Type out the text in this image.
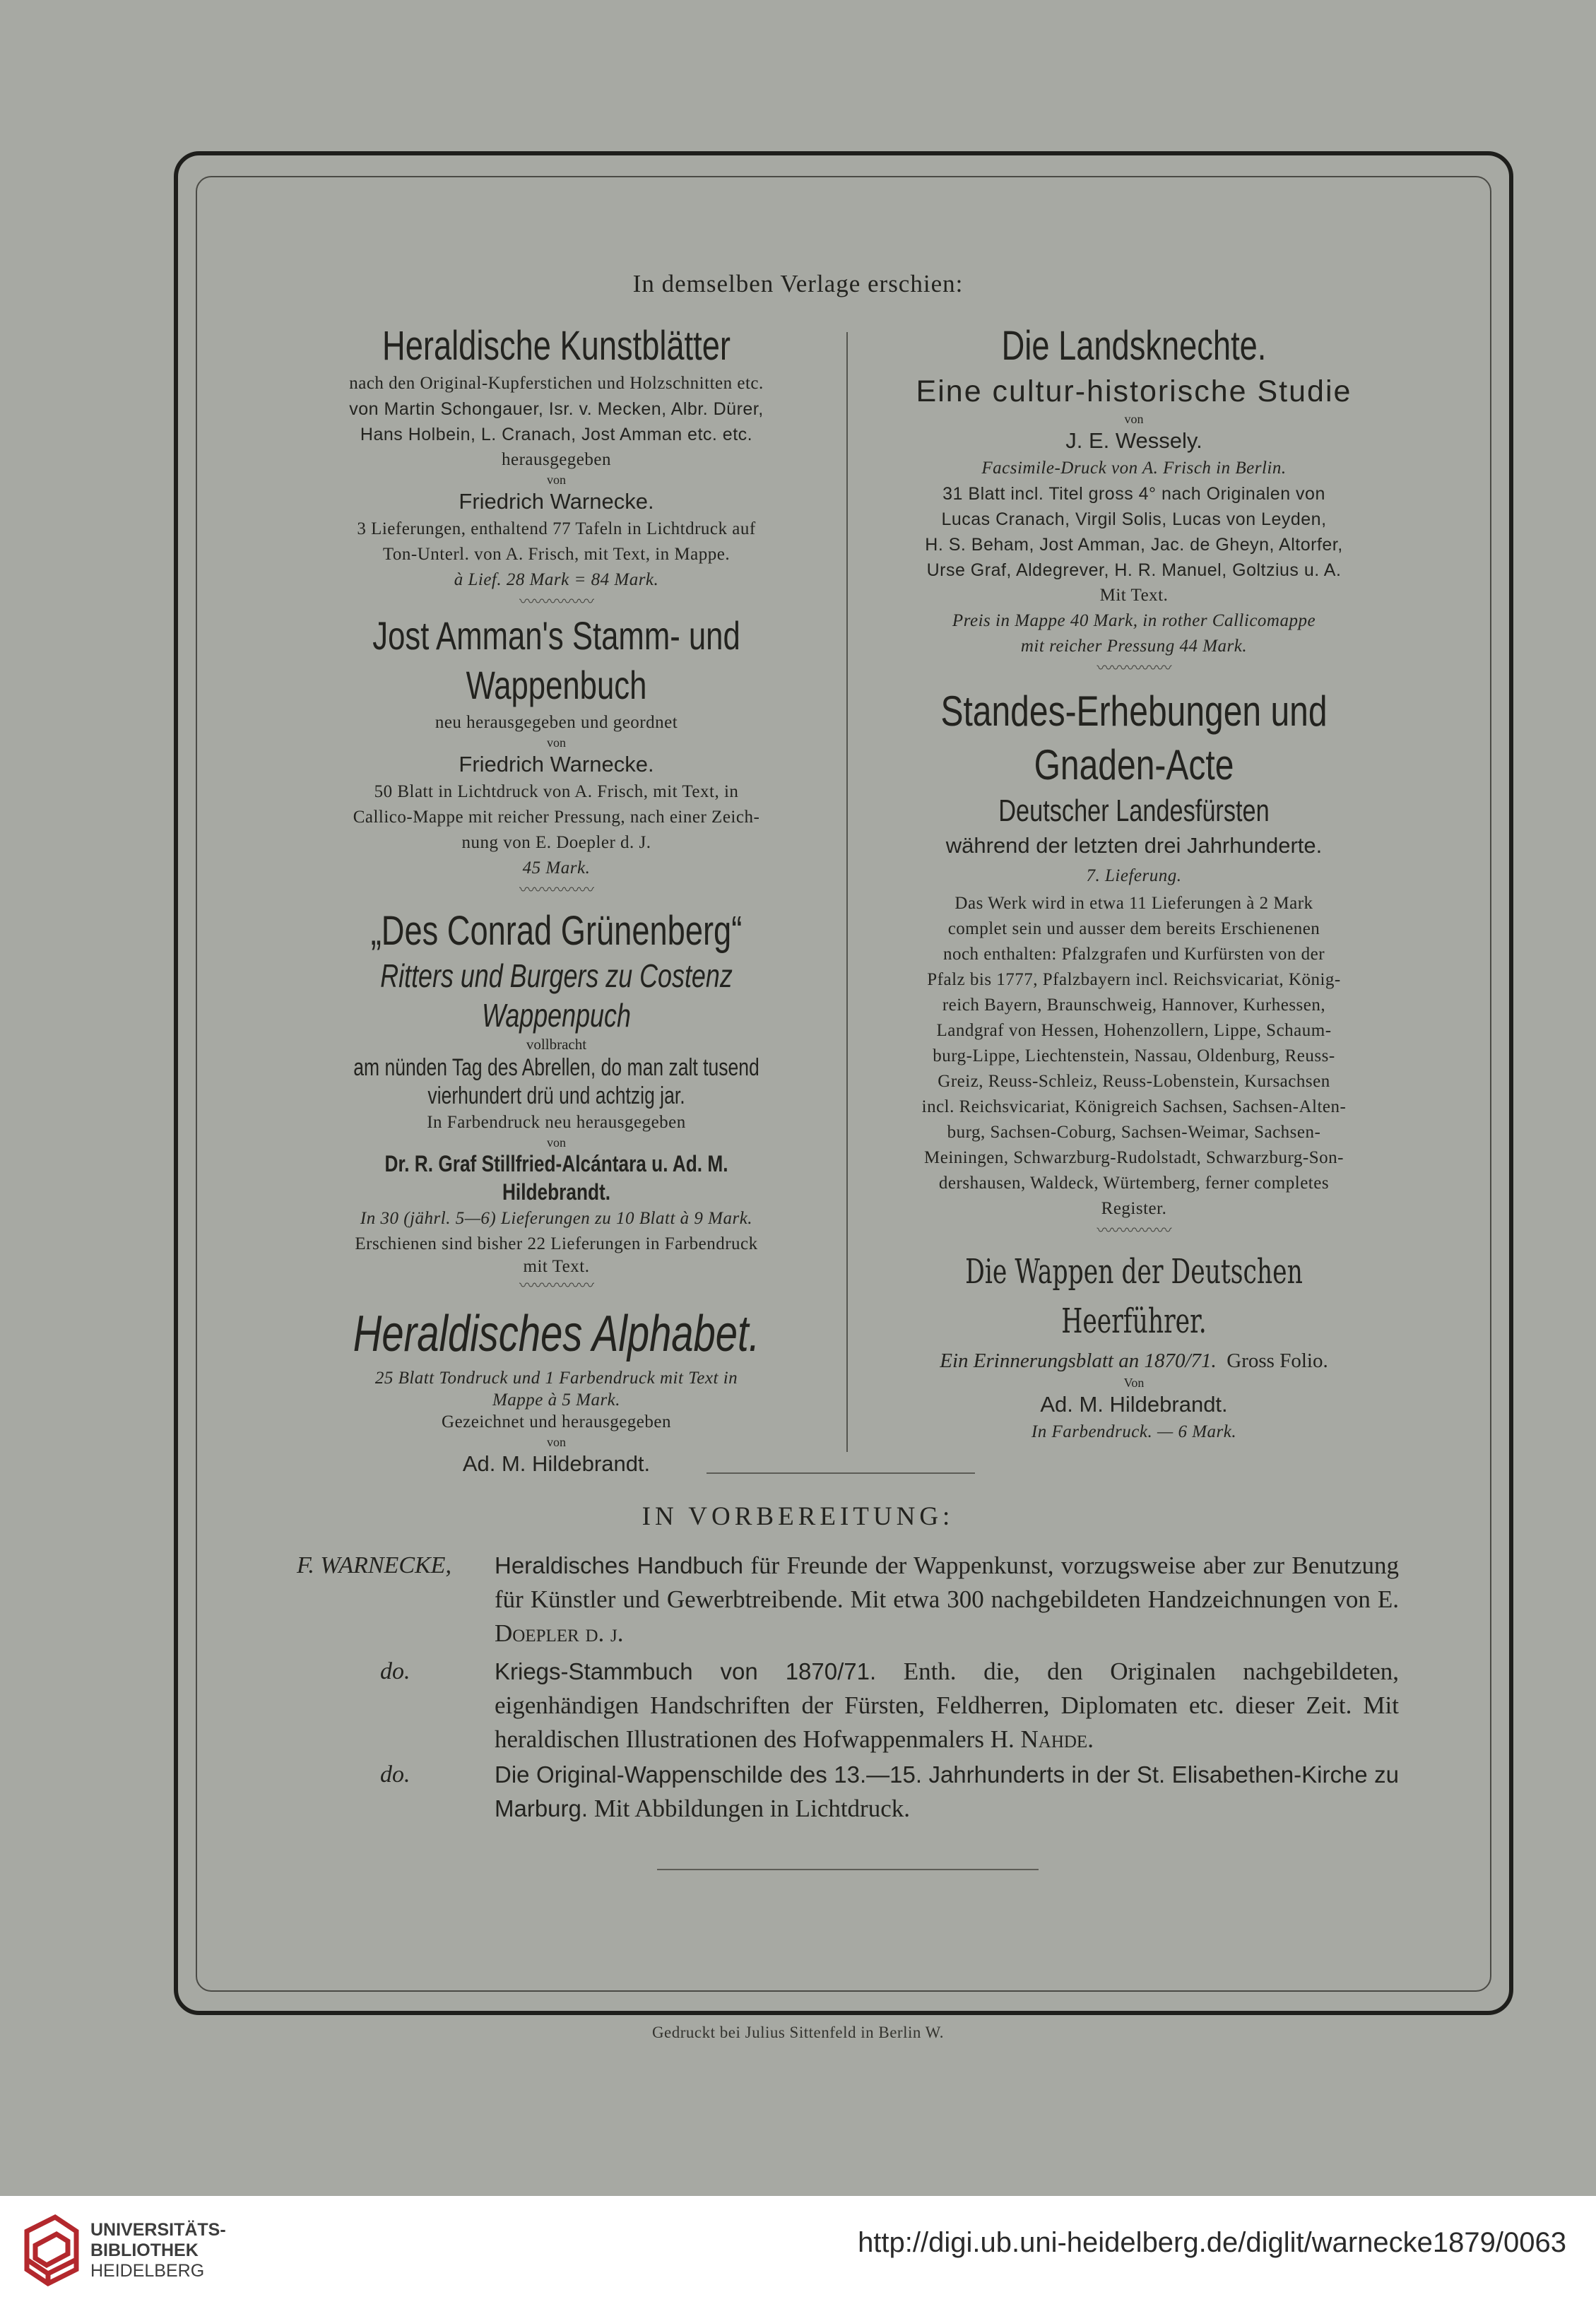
In demselben Verlage erschien:
Heraldische Kunstblätter
nach den Original-Kupferstichen und Holzschnitten etc.
von Martin Schongauer, Isr. v. Mecken, Albr. Dürer,
Hans Holbein, L. Cranach, Jost Amman etc. etc.
herausgegeben
von
Friedrich Warnecke.
3 Lieferungen, enthaltend 77 Tafeln in Lichtdruck auf
Ton-Unterl. von A. Frisch, mit Text, in Mappe.
à Lief. 28 Mark = 84 Mark.
〰〰〰〰〰
Jost Amman's Stamm- und Wappenbuch
neu herausgegeben und geordnet
von
Friedrich Warnecke.
50 Blatt in Lichtdruck von A. Frisch, mit Text, in
Callico-Mappe mit reicher Pressung, nach einer Zeich-
nung von E. Doepler d. J.
45 Mark.
〰〰〰〰〰
„Des Conrad Grünenberg“
Ritters und Burgers zu Costenz Wappenpuch
vollbracht
am nünden Tag des Abrellen, do man zalt tusend
vierhundert drü und achtzig jar.
In Farbendruck neu herausgegeben
von
Dr. R. Graf Stillfried-Alcántara u. Ad. M. Hildebrandt.
In 30 (jährl. 5—6) Lieferungen zu 10 Blatt à 9 Mark.
Erschienen sind bisher 22 Lieferungen in Farbendruck
mit Text.
〰〰〰〰〰
Heraldisches Alphabet.
25 Blatt Tondruck und 1 Farbendruck mit Text in
Mappe à 5 Mark.
Gezeichnet und herausgegeben
von
Ad. M. Hildebrandt.
Die Landsknechte.
Eine cultur-historische Studie
von
J. E. Wessely.
Facsimile-Druck von A. Frisch in Berlin.
31 Blatt incl. Titel gross 4° nach Originalen von
Lucas Cranach, Virgil Solis, Lucas von Leyden,
H. S. Beham, Jost Amman, Jac. de Gheyn, Altorfer,
Urse Graf, Aldegrever, H. R. Manuel, Goltzius u. A.
Mit Text.
Preis in Mappe 40 Mark, in rother Callicomappe
mit reicher Pressung 44 Mark.
〰〰〰〰〰
Standes-Erhebungen und Gnaden-Acte
Deutscher Landesfürsten
während der letzten drei Jahrhunderte.
7. Lieferung.
Das Werk wird in etwa 11 Lieferungen à 2 Mark
complet sein und ausser dem bereits Erschienenen
noch enthalten: Pfalzgrafen und Kurfürsten von der
Pfalz bis 1777, Pfalzbayern incl. Reichsvicariat, König-
reich Bayern, Braunschweig, Hannover, Kurhessen,
Landgraf von Hessen, Hohenzollern, Lippe, Schaum-
burg-Lippe, Liechtenstein, Nassau, Oldenburg, Reuss-
Greiz, Reuss-Schleiz, Reuss-Lobenstein, Kursachsen
incl. Reichsvicariat, Königreich Sachsen, Sachsen-Alten-
burg, Sachsen-Coburg, Sachsen-Weimar, Sachsen-
Meiningen, Schwarzburg-Rudolstadt, Schwarzburg-Son-
dershausen, Waldeck, Würtemberg, ferner completes
Register.
〰〰〰〰〰
Die Wappen der Deutschen Heerführer.
Ein Erinnerungsblatt an 1870/71. Gross Folio.
Von
Ad. M. Hildebrandt.
In Farbendruck. — 6 Mark.
IN VORBEREITUNG:
F. WARNECKE,	Heraldisches Handbuch für Freunde der Wappenkunst, vorzugsweise aber zur Benutzung für Künstler und Gewerbtreibende. Mit etwa 300 nachgebildeten Handzeichnungen von E. Doepler d. j.
do.	Kriegs-Stammbuch von 1870/71. Enth. die, den Originalen nachgebildeten, eigenhändigen Handschriften der Fürsten, Feldherren, Diplomaten etc. dieser Zeit. Mit heraldischen Illustrationen des Hofwappenmalers H. Nahde.
do.	Die Original-Wappenschilde des 13.—15. Jahrhunderts in der St. Elisabethen-Kirche zu Marburg. Mit Abbildungen in Lichtdruck.
Gedruckt bei Julius Sittenfeld in Berlin W.
UNIVERSITÄTS-
BIBLIOTHEK
HEIDELBERG
http://digi.ub.uni-heidelberg.de/diglit/warnecke1879/0063
